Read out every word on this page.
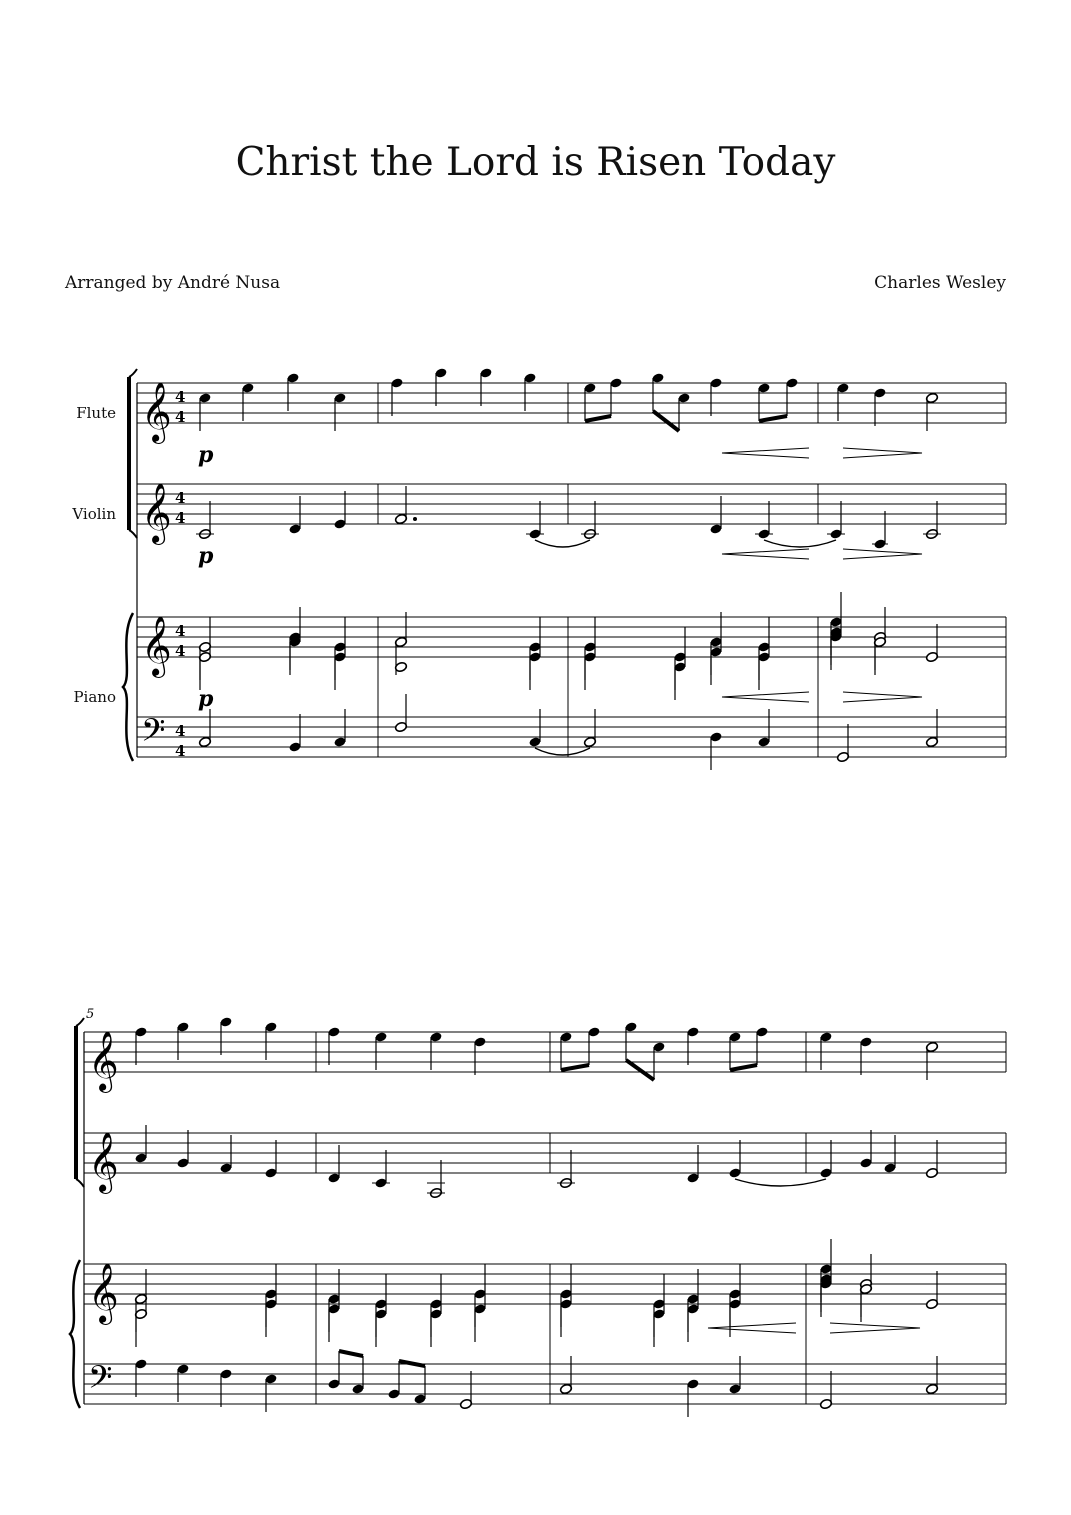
Christ the Lord is Risen Today
Arranged by André Nusa	Charles Wesley
Flute
Violin
Piano
𝄞
𝄞
𝄞
𝄢
4
4
4
4
4
4
4
4
𝄞
𝄞
𝄞
𝄢
5
p
p
p
